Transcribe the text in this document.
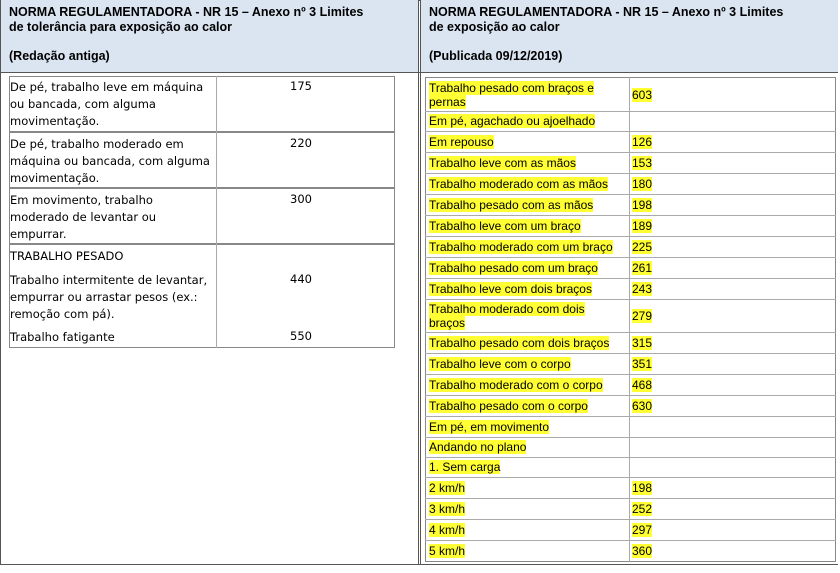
NORMA REGULAMENTADORA - NR 15 – Anexo nº 3 Limites
de tolerância para exposição ao calor
(Redação antiga)
NORMA REGULAMENTADORA - NR 15 – Anexo nº 3 Limites
de exposição ao calor
(Publicada 09/12/2019)
De pé, trabalho leve em máquina
ou bancada, com alguma
movimentação.
175
De pé, trabalho moderado em
máquina ou bancada, com alguma
movimentação.
220
Em movimento, trabalho
moderado de levantar ou
empurrar.
300
TRABALHO PESADO
Trabalho intermitente de levantar,
empurrar ou arrastar pesos (ex.:
remoção com pá).
440
Trabalho fatigante	550
Trabalho pesado com braços e
pernas	603
Em pé, agachado ou ajoelhado
Em repouso	126
Trabalho leve com as mãos	153
Trabalho moderado com as mãos 180
Trabalho pesado com as mãos	198
Trabalho leve com um braço	189
Trabalho moderado com um braço 225
Trabalho pesado com um braço	261
Trabalho leve com dois braços	243
Trabalho moderado com dois
braços	279
Trabalho pesado com dois braços 315
Trabalho leve com o corpo	351
Trabalho moderado com o corpo 468
Trabalho pesado com o corpo	630
Em pé, em movimento
Andando no plano
1. Sem carga
2 km/h	198
3 km/h	252
4 km/h	297
5 km/h	360
